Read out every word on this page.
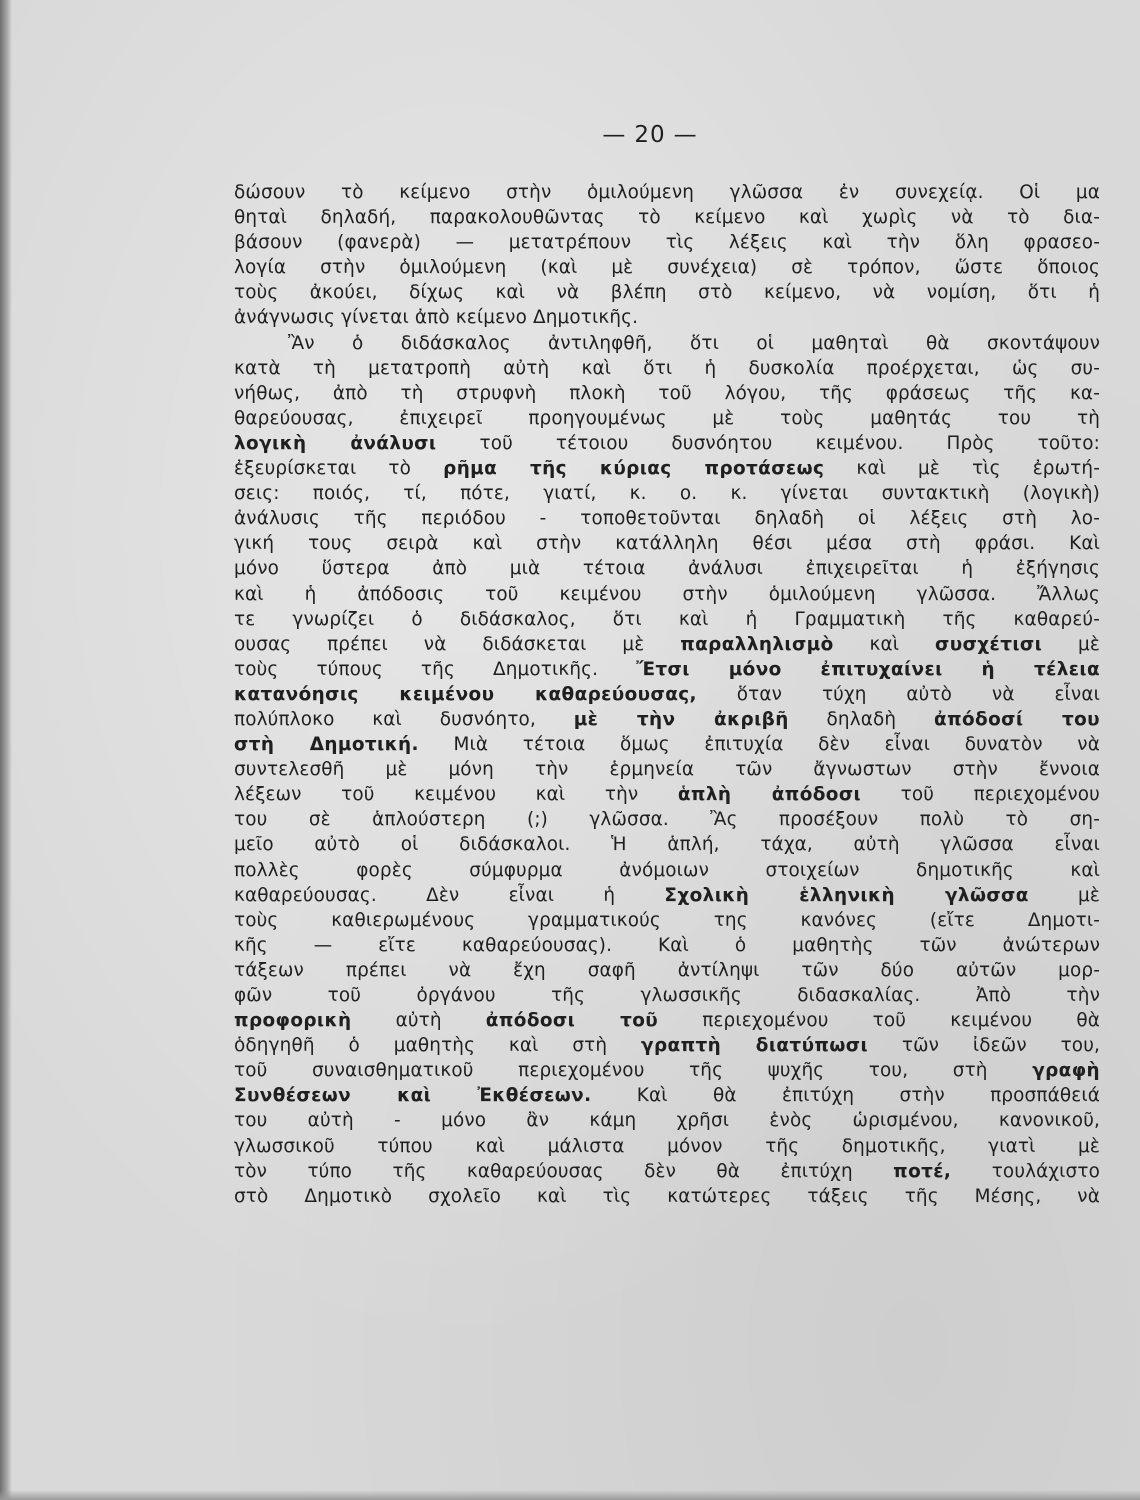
— 20 —
δώσουν τὸ κείμενο στὴν ὁμιλούμενη γλῶσσα ἐν συνεχείᾳ. Οἱ μα
θηταὶ δηλαδή, παρακολουθῶντας τὸ κείμενο καὶ χωρὶς νὰ τὸ δια-
βάσουν (φανερὰ) — μετατρέπουν τὶς λέξεις καὶ τὴν ὅλη φρασεο-
λογία στὴν ὁμιλούμενη (καὶ μὲ συνέχεια) σὲ τρόπον, ὥστε ὅποιος
τοὺς ἀκούει, δίχως καὶ νὰ βλέπη στὸ κείμενο, νὰ νομίση, ὅτι ἡ
ἀνάγνωσις γίνεται ἀπὸ κείμενο Δημοτικῆς.
Ἂν ὁ διδάσκαλος ἀντιληφθῆ, ὅτι οἱ μαθηταὶ θὰ σκοντάψουν
κατὰ τὴ μετατροπὴ αὐτὴ καὶ ὅτι ἡ δυσκολία προέρχεται, ὡς συ-
νήθως, ἀπὸ τὴ στρυφνὴ πλοκὴ τοῦ λόγου, τῆς φράσεως τῆς κα-
θαρεύουσας, ἐπιχειρεῖ προηγουμένως μὲ τοὺς μαθητάς του τὴ
λογικὴ ἀνάλυσι τοῦ τέτοιου δυσνόητου κειμένου. Πρὸς τοῦτο:
ἐξευρίσκεται τὸ ρῆμα τῆς κύριας προτάσεως καὶ μὲ τὶς ἐρωτή-
σεις: ποιός, τί, πότε, γιατί, κ. ο. κ. γίνεται συντακτικὴ (λογικὴ)
ἀνάλυσις τῆς περιόδου - τοποθετοῦνται δηλαδὴ οἱ λέξεις στὴ λο-
γική τους σειρὰ καὶ στὴν κατάλληλη θέσι μέσα στὴ φράσι. Καὶ
μόνο ὕστερα ἀπὸ μιὰ τέτοια ἀνάλυσι ἐπιχειρεῖται ἡ ἐξήγησις
καὶ ἡ ἀπόδοσις τοῦ κειμένου στὴν ὁμιλούμενη γλῶσσα. Ἄλλως
τε γνωρίζει ὁ διδάσκαλος, ὅτι καὶ ἡ Γραμματικὴ τῆς καθαρεύ-
ουσας πρέπει νὰ διδάσκεται μὲ παραλληλισμὸ καὶ συσχέτισι μὲ
τοὺς τύπους τῆς Δημοτικῆς. Ἔτσι μόνο ἐπιτυχαίνει ἡ τέλεια
κατανόησις κειμένου καθαρεύουσας, ὅταν τύχη αὐτὸ νὰ εἶναι
πολύπλοκο καὶ δυσνόητο, μὲ τὴν ἀκριβῆ δηλαδὴ ἀπόδοσί του
στὴ Δημοτική. Μιὰ τέτοια ὅμως ἐπιτυχία δὲν εἶναι δυνατὸν νὰ
συντελεσθῆ μὲ μόνη τὴν ἑρμηνεία τῶν ἄγνωστων στὴν ἔννοια
λέξεων τοῦ κειμένου καὶ τὴν ἁπλὴ ἀπόδοσι τοῦ περιεχομένου
του σὲ ἁπλούστερη (;) γλῶσσα. Ἂς προσέξουν πολὺ τὸ ση-
μεῖο αὐτὸ οἱ διδάσκαλοι. Ἡ ἁπλή, τάχα, αὐτὴ γλῶσσα εἶναι
πολλὲς φορὲς σύμφυρμα ἀνόμοιων στοιχείων δημοτικῆς καὶ
καθαρεύουσας. Δὲν εἶναι ἡ Σχολικὴ ἑλληνικὴ γλῶσσα μὲ
τοὺς καθιερωμένους γραμματικούς της κανόνες (εἴτε Δημοτι-
κῆς — εἴτε καθαρεύουσας). Καὶ ὁ μαθητὴς τῶν ἀνώτερων
τάξεων πρέπει νὰ ἔχη σαφῆ ἀντίληψι τῶν δύο αὐτῶν μορ-
φῶν τοῦ ὀργάνου τῆς γλωσσικῆς διδασκαλίας. Ἀπὸ τὴν
προφορικὴ αὐτὴ ἀπόδοσι τοῦ περιεχομένου τοῦ κειμένου θὰ
ὁδηγηθῆ ὁ μαθητὴς καὶ στὴ γραπτὴ διατύπωσι τῶν ἰδεῶν του,
τοῦ συναισθηματικοῦ περιεχομένου τῆς ψυχῆς του, στὴ γραφὴ
Συνθέσεων καὶ Ἐκθέσεων. Καὶ θὰ ἐπιτύχη στὴν προσπάθειά
του αὐτὴ - μόνο ἂν κάμη χρῆσι ἑνὸς ὡρισμένου, κανονικοῦ,
γλωσσικοῦ τύπου καὶ μάλιστα μόνον τῆς δημοτικῆς, γιατὶ μὲ
τὸν τύπο τῆς καθαρεύουσας δὲν θὰ ἐπιτύχη ποτέ, τουλάχιστο
στὸ Δημοτικὸ σχολεῖο καὶ τὶς κατώτερες τάξεις τῆς Μέσης, νὰ
